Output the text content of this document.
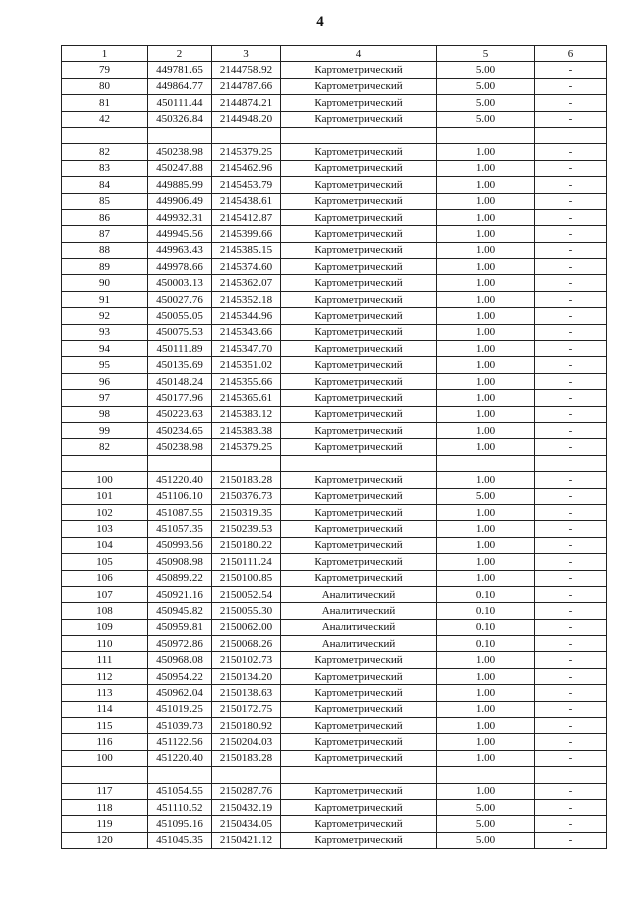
4
1	2	3	4	5	6
79	449781.65	2144758.92	Картометрический	5.00	-
80	449864.77	2144787.66	Картометрический	5.00	-
81	450111.44	2144874.21	Картометрический	5.00	-
42	450326.84	2144948.20	Картометрический	5.00	-

82	450238.98	2145379.25	Картометрический	1.00	-
83	450247.88	2145462.96	Картометрический	1.00	-
84	449885.99	2145453.79	Картометрический	1.00	-
85	449906.49	2145438.61	Картометрический	1.00	-
86	449932.31	2145412.87	Картометрический	1.00	-
87	449945.56	2145399.66	Картометрический	1.00	-
88	449963.43	2145385.15	Картометрический	1.00	-
89	449978.66	2145374.60	Картометрический	1.00	-
90	450003.13	2145362.07	Картометрический	1.00	-
91	450027.76	2145352.18	Картометрический	1.00	-
92	450055.05	2145344.96	Картометрический	1.00	-
93	450075.53	2145343.66	Картометрический	1.00	-
94	450111.89	2145347.70	Картометрический	1.00	-
95	450135.69	2145351.02	Картометрический	1.00	-
96	450148.24	2145355.66	Картометрический	1.00	-
97	450177.96	2145365.61	Картометрический	1.00	-
98	450223.63	2145383.12	Картометрический	1.00	-
99	450234.65	2145383.38	Картометрический	1.00	-
82	450238.98	2145379.25	Картометрический	1.00	-

100	451220.40	2150183.28	Картометрический	1.00	-
101	451106.10	2150376.73	Картометрический	5.00	-
102	451087.55	2150319.35	Картометрический	1.00	-
103	451057.35	2150239.53	Картометрический	1.00	-
104	450993.56	2150180.22	Картометрический	1.00	-
105	450908.98	2150111.24	Картометрический	1.00	-
106	450899.22	2150100.85	Картометрический	1.00	-
107	450921.16	2150052.54	Аналитический	0.10	-
108	450945.82	2150055.30	Аналитический	0.10	-
109	450959.81	2150062.00	Аналитический	0.10	-
110	450972.86	2150068.26	Аналитический	0.10	-
111	450968.08	2150102.73	Картометрический	1.00	-
112	450954.22	2150134.20	Картометрический	1.00	-
113	450962.04	2150138.63	Картометрический	1.00	-
114	451019.25	2150172.75	Картометрический	1.00	-
115	451039.73	2150180.92	Картометрический	1.00	-
116	451122.56	2150204.03	Картометрический	1.00	-
100	451220.40	2150183.28	Картометрический	1.00	-

117	451054.55	2150287.76	Картометрический	1.00	-
118	451110.52	2150432.19	Картометрический	5.00	-
119	451095.16	2150434.05	Картометрический	5.00	-
120	451045.35	2150421.12	Картометрический	5.00	-
